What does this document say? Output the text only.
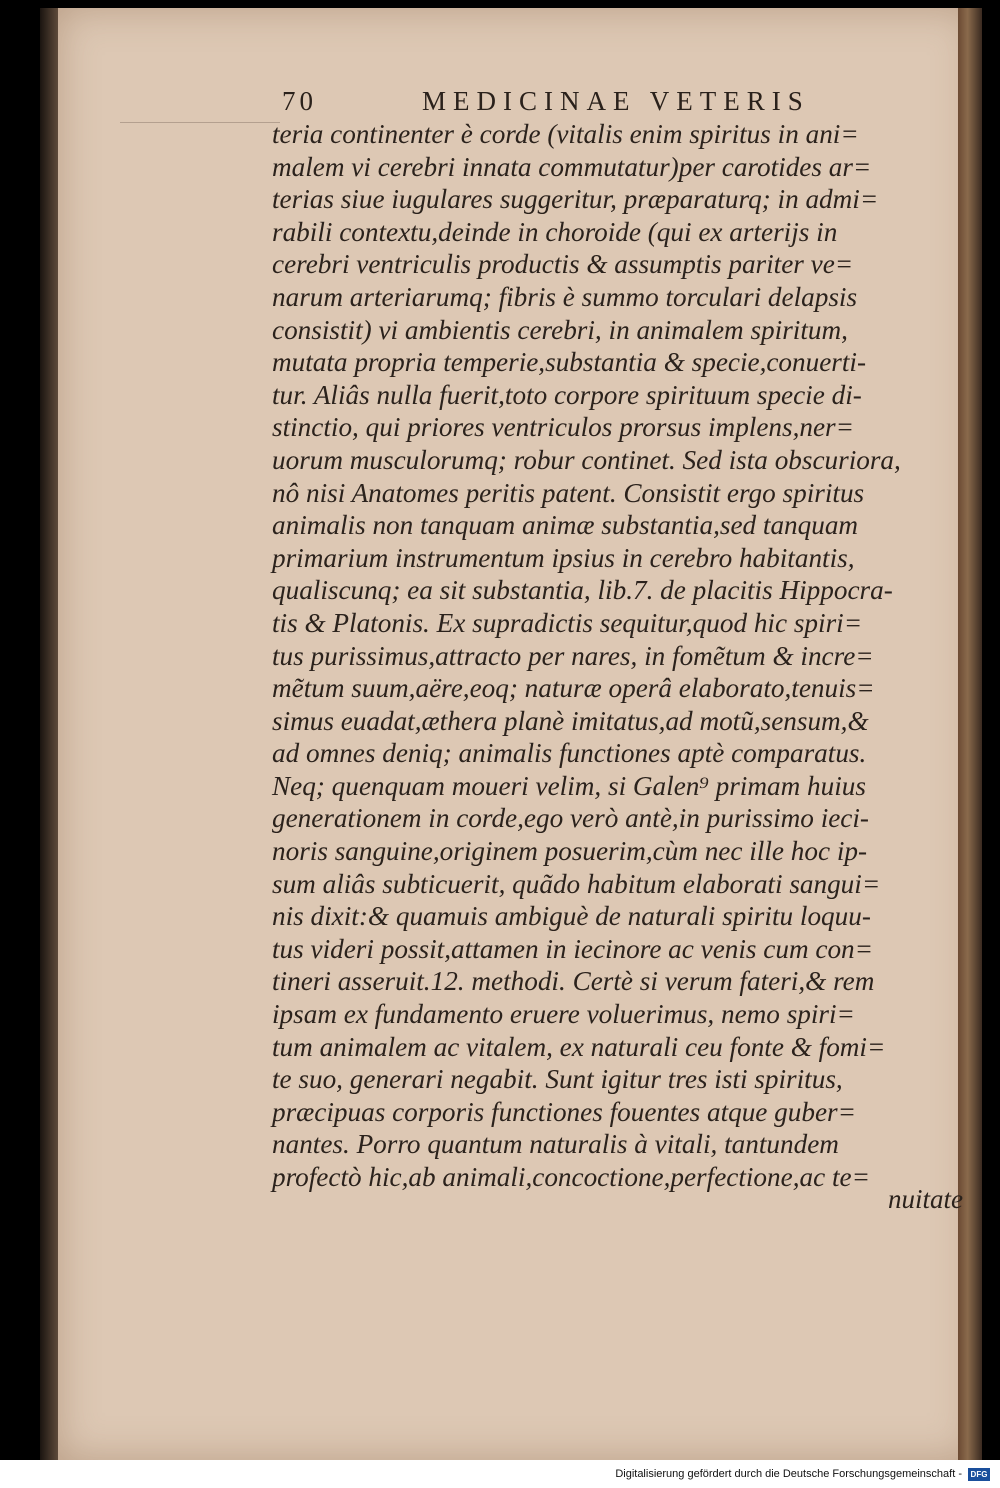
70	MEDICINAE VETERIS
teria continenter è corde (vitalis enim spiritus in ani=
malem vi cerebri innata commutatur)per carotides ar=
terias siue iugulares suggeritur, præparaturq; in admi=
rabili contextu,deinde in choroide (qui ex arterijs in
cerebri ventriculis productis & assumptis pariter ve=
narum arteriarumq; fibris è summo torculari delapsis
consistit) vi ambientis cerebri, in animalem spiritum,
mutata propria temperie,substantia & specie,conuerti-
tur. Aliâs nulla fuerit,toto corpore spirituum specie di-
stinctio, qui priores ventriculos prorsus implens,ner=
uorum musculorumq; robur continet. Sed ista obscuriora,
nô nisi Anatomes peritis patent. Consistit ergo spiritus
animalis non tanquam animæ substantia,sed tanquam
primarium instrumentum ipsius in cerebro habitantis,
qualiscunq; ea sit substantia, lib.7. de placitis Hippocra-
tis & Platonis. Ex supradictis sequitur,quod hic spiri=
tus purissimus,attracto per nares, in fomẽtum & incre=
mẽtum suum,aëre,eoq; naturæ operâ elaborato,tenuis=
simus euadat,æthera planè imitatus,ad motũ,sensum,&
ad omnes deniq; animalis functiones aptè comparatus.
Neq; quenquam moueri velim, si Galen⁹ primam huius
generationem in corde,ego verò antè,in purissimo ieci-
noris sanguine,originem posuerim,cùm nec ille hoc ip-
sum aliâs subticuerit, quãdo habitum elaborati sangui=
nis dixit:& quamuis ambiguè de naturali spiritu loquu-
tus videri possit,attamen in iecinore ac venis cum con=
tineri asseruit.12. methodi. Certè si verum fateri,& rem
ipsam ex fundamento eruere voluerimus, nemo spiri=
tum animalem ac vitalem, ex naturali ceu fonte & fomi=
te suo, generari negabit. Sunt igitur tres isti spiritus,
præcipuas corporis functiones fouentes atque guber=
nantes. Porro quantum naturalis à vitali, tantundem
profectò hic,ab animali,concoctione,perfectione,ac te=
nuitate
Digitalisierung gefördert durch die Deutsche Forschungsgemeinschaft -	DFG
